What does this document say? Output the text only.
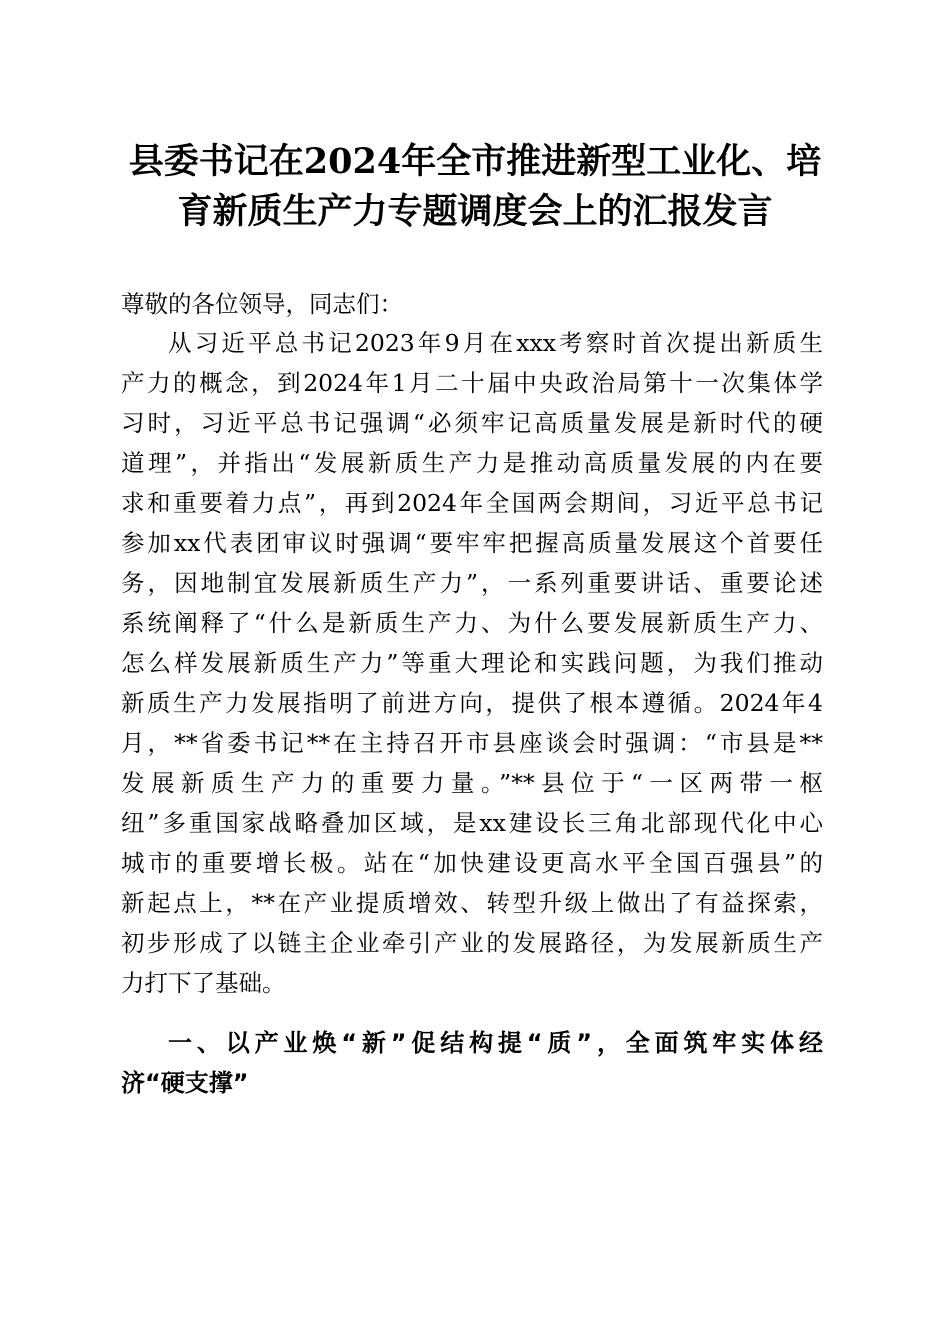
县委书记在2024年全市推进新型工业化、培
育新质生产力专题调度会上的汇报发言
尊敬的各位领导，同志们：
从习近平总书记2023年9月在xxx考察时首次提出新质生
产力的概念，到2024年1月二十届中央政治局第十一次集体学
习时，习近平总书记强调“必须牢记高质量发展是新时代的硬
道理”，并指出“发展新质生产力是推动高质量发展的内在要
求和重要着力点”，再到2024年全国两会期间，习近平总书记
参加xx代表团审议时强调“要牢牢把握高质量发展这个首要任
务，因地制宜发展新质生产力”，一系列重要讲话、重要论述
系统阐释了“什么是新质生产力、为什么要发展新质生产力、
怎么样发展新质生产力”等重大理论和实践问题，为我们推动
新质生产力发展指明了前进方向，提供了根本遵循。2024年4
月，**省委书记**在主持召开市县座谈会时强调：“市县是**
发展新质生产力的重要力量。”**县位于“一区两带一枢
纽”多重国家战略叠加区域，是xx建设长三角北部现代化中心
城市的重要增长极。站在“加快建设更高水平全国百强县”的
新起点上，**在产业提质增效、转型升级上做出了有益探索，
初步形成了以链主企业牵引产业的发展路径，为发展新质生产
力打下了基础。
一、以产业焕“新”促结构提“质”，全面筑牢实体经
济“硬支撑”
